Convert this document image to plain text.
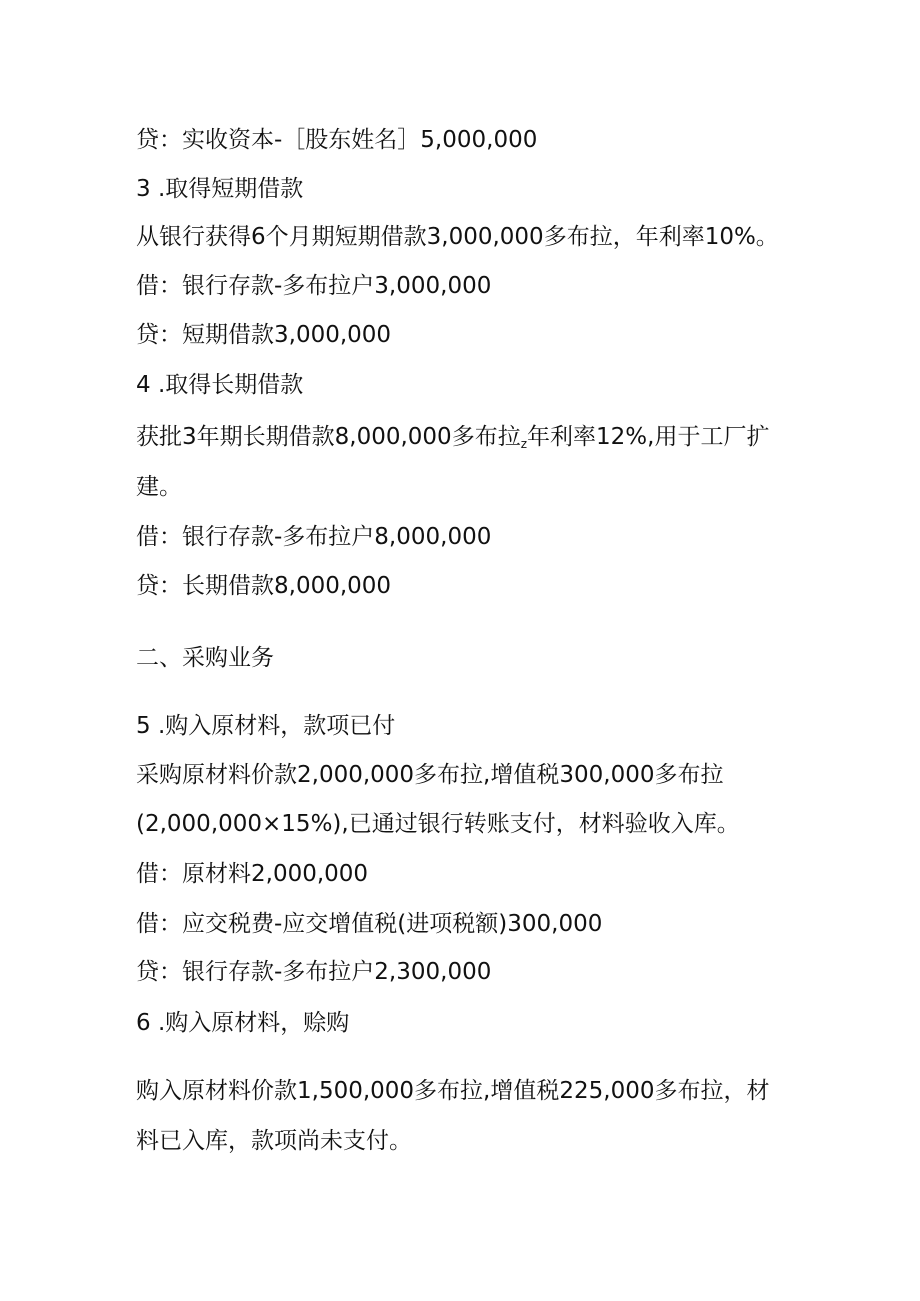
贷：实收资本-［股东姓名］5,000,000
3 .取得短期借款
从银行获得6个月期短期借款3,000,000多布拉，年利率10%。
借：银行存款-多布拉户3,000,000
贷：短期借款3,000,000
4 .取得长期借款
获批3年期长期借款8,000,000多布拉$_z$年利率12%,用于工厂扩
建。
借：银行存款-多布拉户8,000,000
贷：长期借款8,000,000
二、采购业务
5 .购入原材料，款项已付
采购原材料价款2,000,000多布拉,增值税300,000多布拉
(2,000,000×15%),已通过银行转账支付，材料验收入库。
借：原材料2,000,000
借：应交税费-应交增值税(进项税额)300,000
贷：银行存款-多布拉户2,300,000
6 .购入原材料，赊购
购入原材料价款1,500,000多布拉,增值税225,000多布拉，材
料已入库，款项尚未支付。
